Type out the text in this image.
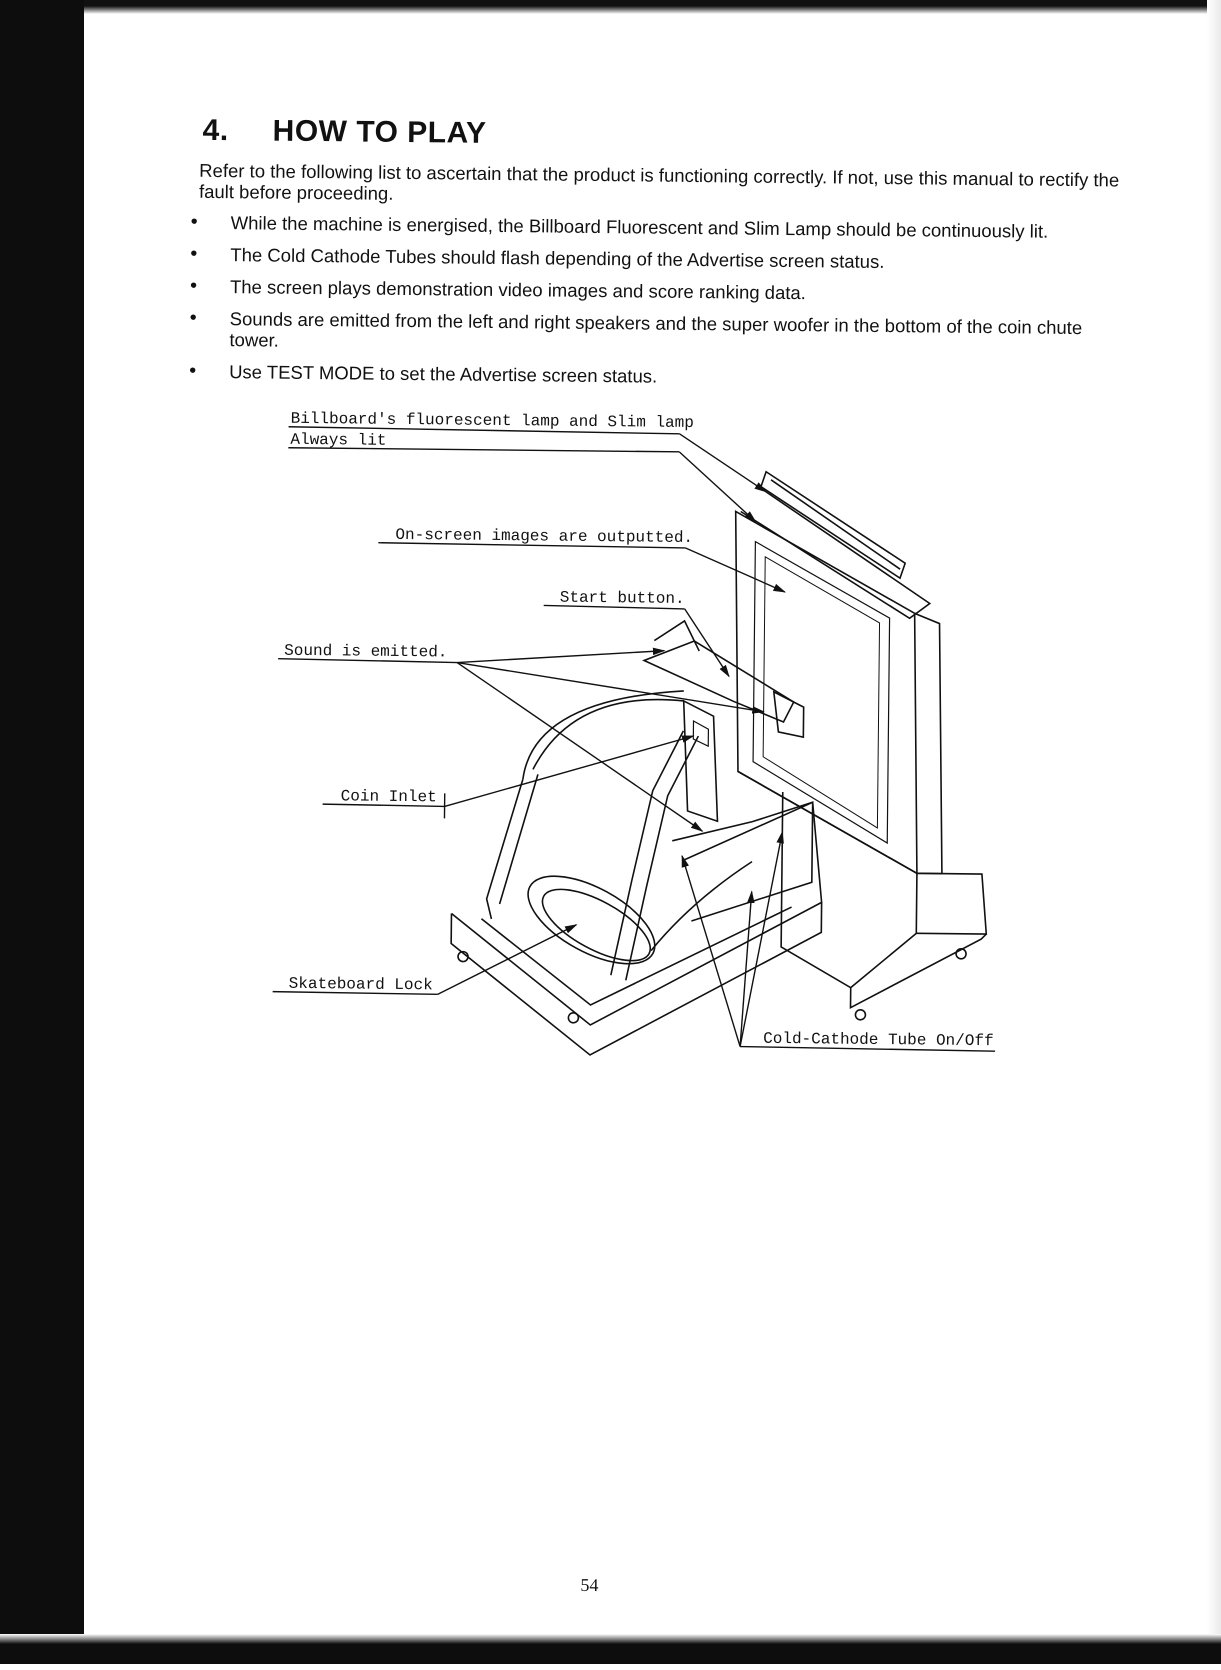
4. HOW TO PLAY
Refer to the following list to ascertain that the product is functioning correctly. If not, use this manual to rectify the fault before proceeding.
• While the machine is energised, the Billboard Fluorescent and Slim Lamp should be continuously lit.
• The Cold Cathode Tubes should flash depending of the Advertise screen status.
• The screen plays demonstration video images and score ranking data.
• Sounds are emitted from the left and right speakers and the super woofer in the bottom of the coin chute tower.
• Use TEST MODE to set the Advertise screen status.
Billboard's fluorescent lamp and Slim lamp
Always lit
On-screen images are outputted.
Start button.
Sound is emitted.
Coin Inlet
Skateboard Lock
Cold-Cathode Tube On/Off
54
